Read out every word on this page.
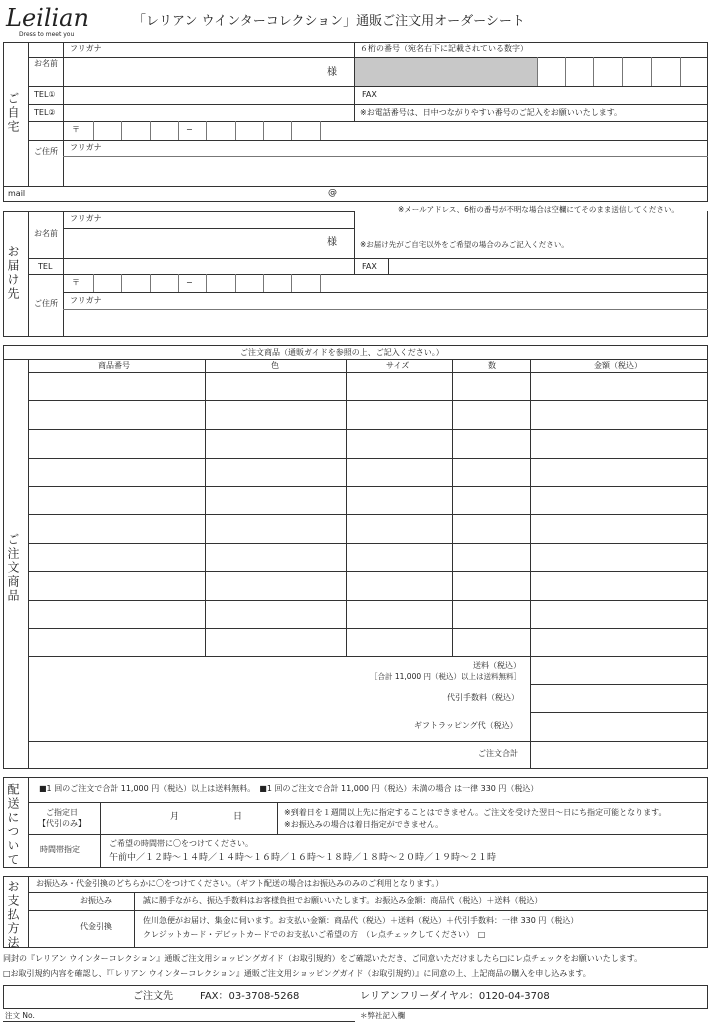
Leilian
Dress to meet you
「レリアン ウインターコレクション」通販ご注文用オーダーシート
ご自宅
フリガナ
お名前
様
６桁の番号（宛名右下に記載されている数字）
TEL①	FAX
TEL②	※お電話番号は、日中つながりやすい番号のご記入をお願いいたします。
〒	−
ご住所 フリガナ
mail	@
※メールアドレス、6桁の番号が不明な場合は空欄にてそのまま送信してください。
お届け先
フリガナ
お名前
様	※お届け先がご自宅以外をご希望の場合のみご記入ください。
TEL	FAX
〒	−
ご住所 フリガナ
ご注文商品（通販ガイドを参照の上、ご記入ください。）
ご注文商品
商品番号	色	サイズ	数	金額（税込）
送料（税込）
［合計 11,000 円（税込）以上は送料無料］
代引手数料（税込）
ギフトラッピング代（税込）
ご注文合計
配送について ■1 回のご注文で合計 11,000 円（税込）以上は送料無料。　■1 回のご注文で合計 11,000 円（税込）未満の場合 は一律 330 円（税込）
ご指定日
【代引のみ】
月	日	※到着日を１週間以上先に指定することはできません。ご注文を受けた翌日〜日にち指定可能となります。
※お振込みの場合は着日指定ができません。
時間帯指定
ご希望の時間帯に〇をつけてください。
午前中／１２時〜１４時／１４時〜１６時／１６時〜１８時／１８時〜２０時／１９時〜２１時
お支払方法 お振込み・代金引換のどちらかに〇をつけてください。（ギフト配送の場合はお振込みのみのご利用となります。）
お振込み	誠に勝手ながら、振込手数料はお客様負担でお願いいたします。お振込み金額：商品代（税込）＋送料（税込）
代金引換
佐川急便がお届け、集金に伺います。お支払い金額：商品代（税込）＋送料（税込）＋代引手数料：一律 330 円（税込）
クレジットカード・デビットカードでのお支払いご希望の方　（レ点チェックしてください）　□
同封の『レリアン ウインターコレクション』通販ご注文用ショッピングガイド（お取引規約）をご確認いただき、ご同意いただけましたら□にレ点チェックをお願いいたします。
□お取引規約内容を確認し、『「レリアン ウインターコレクション』通販ご注文用ショッピングガイド（お取引規約）』に同意の上、上記商品の購入を申し込みます。
ご注文先	FAX：03-3708-5268	レリアンフリーダイヤル：0120-04-3708
注文 No.	＊弊社記入欄
